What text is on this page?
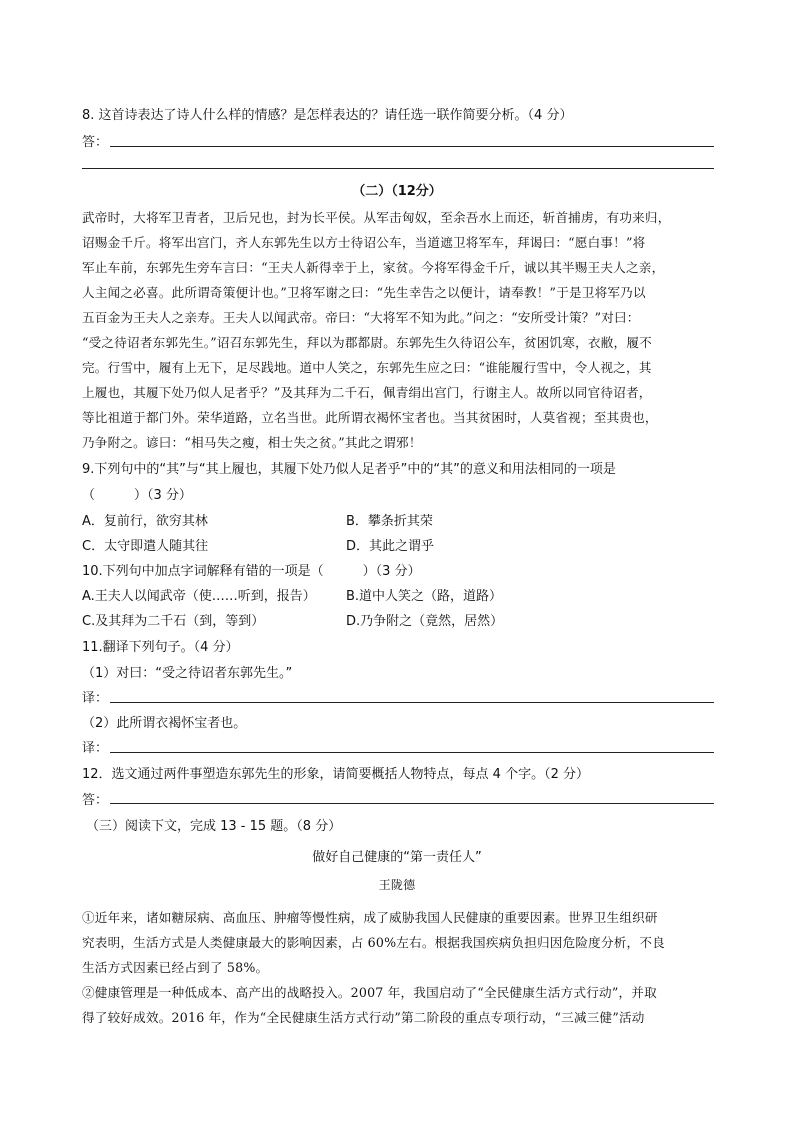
8. 这首诗表达了诗人什么样的情感？是怎样表达的？请任选一联作简要分析。（4 分）
答：
（二）（12分）
武帝时，大将军卫青者，卫后兄也，封为长平侯。从军击匈奴，至余吾水上而还，斩首捕虏，有功来归，
诏赐金千斤。将军出宫门，齐人东郭先生以方士待诏公车，当道遮卫将军车，拜谒曰：“愿白事！”将
军止车前，东郭先生旁车言曰：“王夫人新得幸于上，家贫。今将军得金千斤，诚以其半赐王夫人之亲，
人主闻之必喜。此所谓奇策便计也。”卫将军谢之曰：“先生幸告之以便计，请奉教！”于是卫将军乃以
五百金为王夫人之亲寿。王夫人以闻武帝。帝曰：“大将军不知为此。”问之：“安所受计策？”对曰：
“受之待诏者东郭先生。”诏召东郭先生，拜以为郡都尉。东郭先生久待诏公车，贫困饥寒，衣敝，履不
完。行雪中，履有上无下，足尽践地。道中人笑之，东郭先生应之曰：“谁能履行雪中，令人视之，其
上履也，其履下处乃似人足者乎？”及其拜为二千石，佩青绢出宫门，行谢主人。故所以同官待诏者，
等比祖道于都门外。荣华道路，立名当世。此所谓衣褐怀宝者也。当其贫困时，人莫省视；至其贵也，
乃争附之。谚曰：“相马失之瘦，相士失之贫。”其此之谓邪！
9.下列句中的“其”与“其上履也，其履下处乃似人足者乎”中的“其”的意义和用法相同的一项是
（　　　）（3 分）
A．复前行，欲穷其林	B．攀条折其荣
C．太守即遣人随其往	D．其此之谓乎
10.下列句中加点字词解释有错的一项是（　　　）（3 分）
A.王夫人以闻武帝（使……听到，报告） B.道中人笑之（路，道路）
C.及其拜为二千石（到，等到）	D.乃争附之（竟然，居然）
11.翻译下列句子。（4 分）
（1）对曰：“受之待诏者东郭先生。”
译：
（2）此所谓衣褐怀宝者也。
译：
12．选文通过两件事塑造东郭先生的形象，请简要概括人物特点，每点 4 个字。（2 分）
答：
（三）阅读下文，完成 13 - 15 题。（8 分）
做好自己健康的“第一责任人”
王陇德
①近年来，诸如糖尿病、高血压、肿瘤等慢性病，成了威胁我国人民健康的重要因素。世界卫生组织研
究表明，生活方式是人类健康最大的影响因素，占 60%左右。根据我国疾病负担归因危险度分析，不良
生活方式因素已经占到了 58%。
②健康管理是一种低成本、高产出的战略投入。2007 年，我国启动了“全民健康生活方式行动”，并取
得了较好成效。2016 年，作为“全民健康生活方式行动”第二阶段的重点专项行动，“三减三健”活动
